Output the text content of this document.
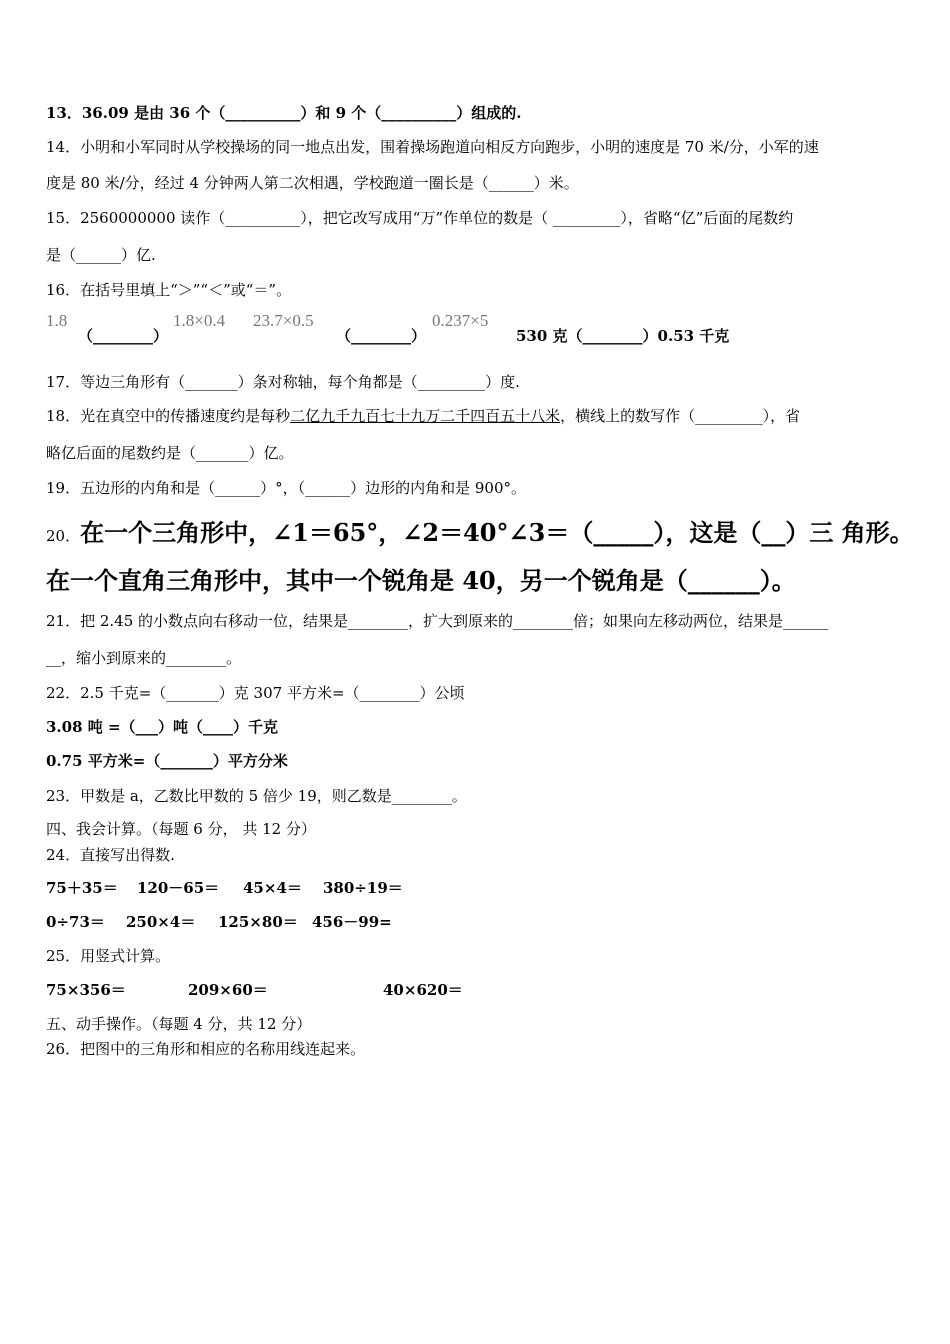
13．36.09 是由 36 个（__________）和 9 个（__________）组成的.
14．小明和小军同时从学校操场的同一地点出发，围着操场跑道向相反方向跑步，小明的速度是 70 米/分，小军的速
度是 80 米/分，经过 4 分钟两人第二次相遇，学校跑道一圈长是（______）米。
15．2560000000 读作（__________），把它改写成用“万”作单位的数是（ _________），省略“亿”后面的尾数约
是（______）亿.
16．在括号里填上“＞”“＜”或“＝”。
1.8
（________）
1.8×0.4 23.7×0.5
（________）
0.237×5
530 克（________）0.53 千克
17．等边三角形有（_______）条对称轴，每个角都是（_________）度.
18．光在真空中的传播速度约是每秒二亿九千九百七十九万二千四百五十八米，横线上的数写作（_________），省
略亿后面的尾数约是（_______）亿。
19．五边形的内角和是（______）°，（______）边形的内角和是 900°。
20．在一个三角形中，∠1＝65°，∠2＝40°∠3＝（_____），这是（__）三 角形。
在一个直角三角形中，其中一个锐角是 40，另一个锐角是（______）。
21．把 2.45 的小数点向右移动一位，结果是________，扩大到原来的________倍；如果向左移动两位，结果是______
__，缩小到原来的________。
22．2.5 千克=（_______）克 307 平方米=（________）公顷
3.08 吨 =（___）吨（____）千克
0.75 平方米=（_______）平方分米
23．甲数是 a，乙数比甲数的 5 倍少 19，则乙数是________。
四、我会计算。（每题 6 分， 共 12 分）
24．直接写出得数.
75＋35＝ 120－65＝ 45×4＝ 380÷19＝
0÷73＝ 250×4＝ 125×80＝ 456－99=
25．用竖式计算。
75×356＝	209×60＝	40×620＝
五、动手操作。（每题 4 分，共 12 分）
26．把图中的三角形和相应的名称用线连起来。
